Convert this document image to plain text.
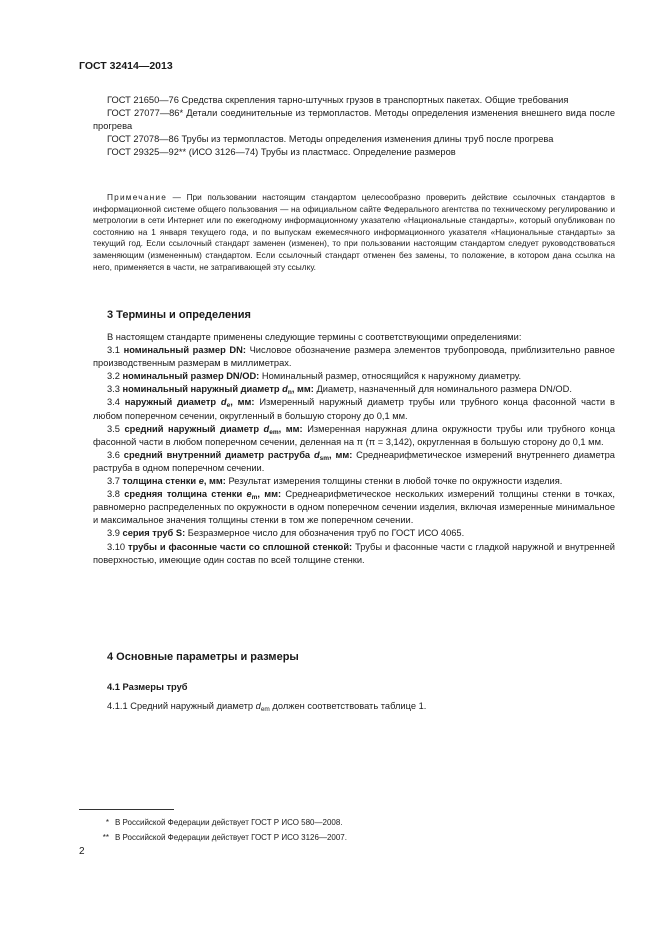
ГОСТ 32414—2013

ГОСТ 21650—76 Средства скрепления тарно-штучных грузов в транспортных пакетах. Общие требования

ГОСТ 27077—86* Детали соединительные из термопластов. Методы определения изменения внешнего вида после прогрева

ГОСТ 27078—86 Трубы из термопластов. Методы определения изменения длины труб после прогрева

ГОСТ 29325—92** (ИСО 3126—74) Трубы из пластмасс. Определение размеров

Примечание — При пользовании настоящим стандартом целесообразно проверить действие ссылочных стандартов в информационной системе общего пользования — на официальном сайте Федерального агентства по техническому регулированию и метрологии в сети Интернет или по ежегодному информационному указателю «Национальные стандарты», который опубликован по состоянию на 1 января текущего года, и по выпускам ежемесячного информационного указателя «Национальные стандарты» за текущий год. Если ссылочный стандарт заменен (изменен), то при пользовании настоящим стандартом следует руководствоваться заменяющим (измененным) стандартом. Если ссылочный стандарт отменен без замены, то положение, в котором дана ссылка на него, применяется в части, не затрагивающей эту ссылку.

3 Термины и определения

В настоящем стандарте применены следующие термины с соответствующими определениями:

3.1 номинальный размер DN: Числовое обозначение размера элементов трубопровода, приблизительно равное производственным размерам в миллиметрах.

3.2 номинальный размер DN/OD: Номинальный размер, относящийся к наружному диаметру.

3.3 номинальный наружный диаметр $d_n$, мм: Диаметр, назначенный для номинального размера DN/OD.

3.4 наружный диаметр $d_e$, мм: Измеренный наружный диаметр трубы или трубного конца фасонной части в любом поперечном сечении, округленный в большую сторону до 0,1 мм.

3.5 средний наружный диаметр $d_{em}$, мм: Измеренная наружная длина окружности трубы или трубного конца фасонной части в любом поперечном сечении, деленная на π (π = 3,142), округленная в большую сторону до 0,1 мм.

3.6 средний внутренний диаметр раструба $d_{sm}$, мм: Среднеарифметическое измерений внутреннего диаметра раструба в одном поперечном сечении.

3.7 толщина стенки e, мм: Результат измерения толщины стенки в любой точке по окружности изделия.

3.8 средняя толщина стенки $e_m$, мм: Среднеарифметическое нескольких измерений толщины стенки в точках, равномерно распределенных по окружности в одном поперечном сечении изделия, включая измеренные минимальное и максимальное значения толщины стенки в том же поперечном сечении.

3.9 серия труб S: Безразмерное число для обозначения труб по ГОСТ ИСО 4065.

3.10 трубы и фасонные части со сплошной стенкой: Трубы и фасонные части с гладкой наружной и внутренней поверхностью, имеющие один состав по всей толщине стенки.

4 Основные параметры и размеры
4.1 Размеры труб

4.1.1 Средний наружный диаметр $d_{em}$ должен соответствовать таблице 1.

* В Российской Федерации действует ГОСТ Р ИСО 580—2008.
** В Российской Федерации действует ГОСТ Р ИСО 3126—2007.
2
